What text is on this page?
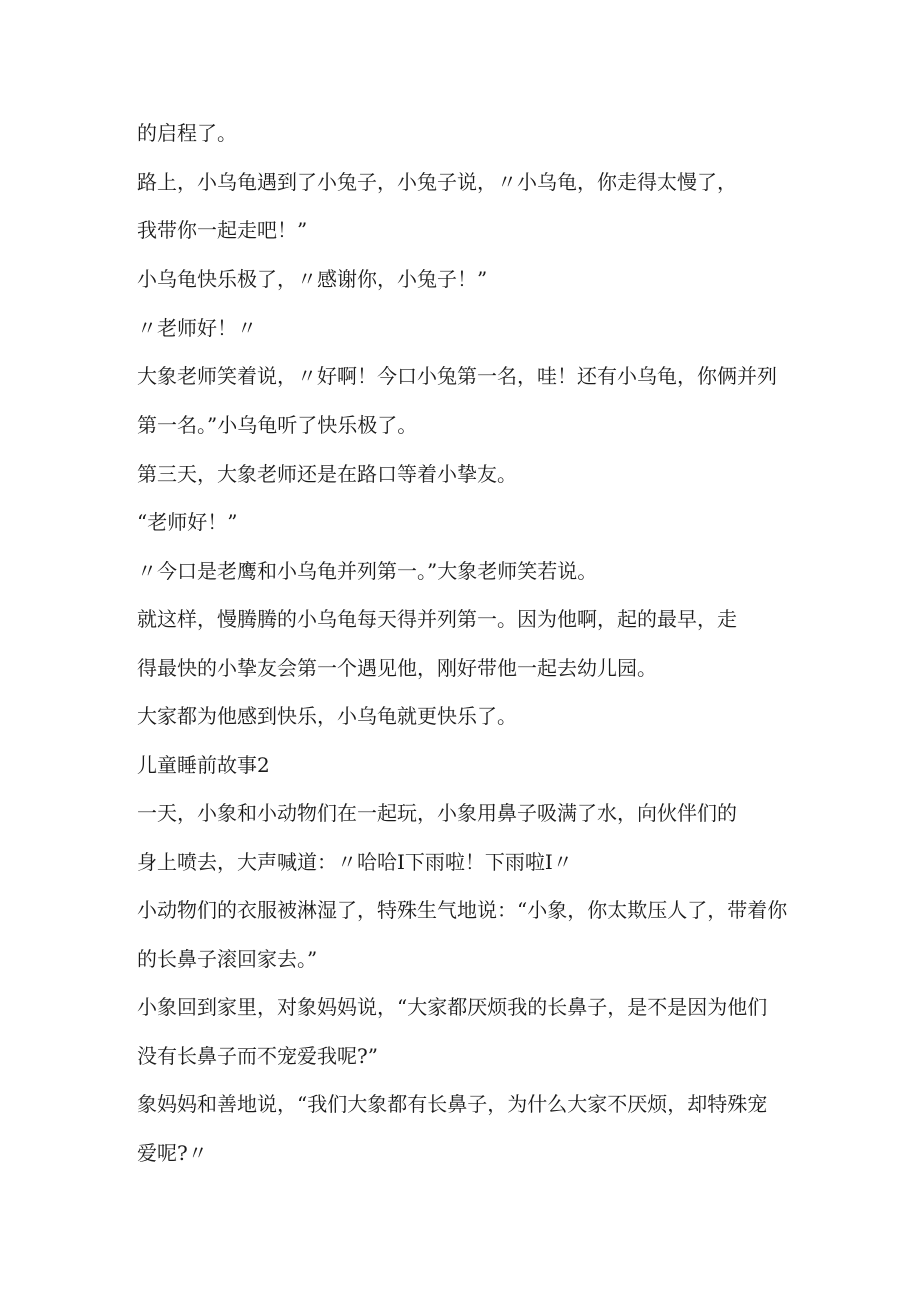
的启程了。

路上，小乌龟遇到了小兔子，小兔子说，〃小乌龟，你走得太慢了，

我带你一起走吧！”

小乌龟快乐极了，〃感谢你，小兔子！”

〃老师好！〃

大象老师笑着说，〃好啊！今口小兔第一名，哇！还有小乌龟，你俩并列

第一名。”小乌龟听了快乐极了。

第三天，大象老师还是在路口等着小挚友。

“老师好！”

〃今口是老鹰和小乌龟并列第一。”大象老师笑若说。

就这样，慢腾腾的小乌龟每天得并列第一。因为他啊，起的最早，走

得最快的小挚友会第一个遇见他，刚好带他一起去幼儿园。

大家都为他感到快乐，小乌龟就更快乐了。

儿童睡前故事2

一天，小象和小动物们在一起玩，小象用鼻子吸满了水，向伙伴们的

身上喷去，大声喊道：〃哈哈I下雨啦！下雨啦I〃

小动物们的衣服被淋湿了，特殊生气地说：“小象，你太欺压人了，带着你

的长鼻子滚回家去。”

小象回到家里，对象妈妈说，“大家都厌烦我的长鼻子，是不是因为他们

没有长鼻子而不宠爱我呢?”

象妈妈和善地说，“我们大象都有长鼻子，为什么大家不厌烦，却特殊宠

爱呢?〃
